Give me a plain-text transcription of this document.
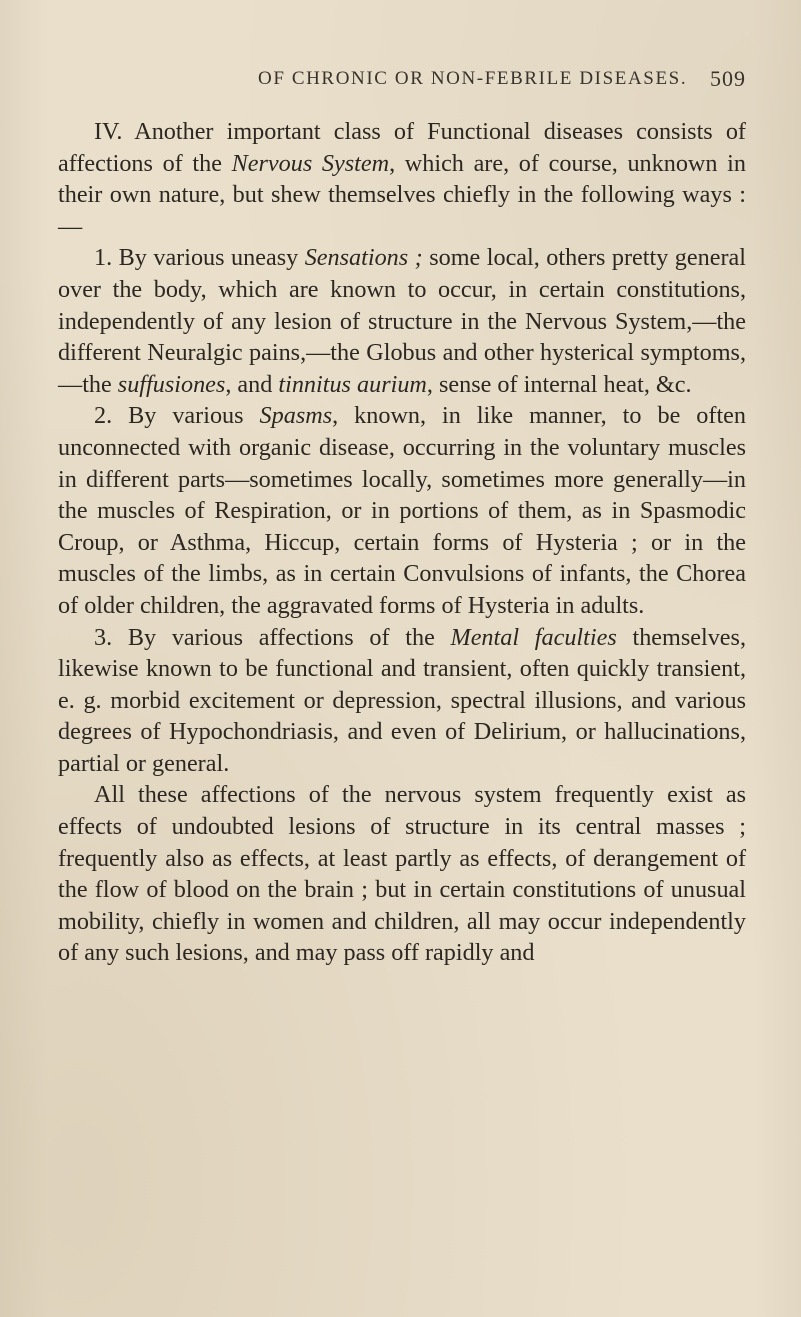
OF CHRONIC OR NON-FEBRILE DISEASES. 509

IV. Another important class of Functional diseases consists of affections of the Nervous System, which are, of course, unknown in their own nature, but shew themselves chiefly in the following ways :—

1. By various uneasy Sensations ; some local, others pretty general over the body, which are known to occur, in certain constitutions, independently of any lesion of structure in the Nervous System,—the different Neuralgic pains,—the Globus and other hysterical symptoms, —the suffusiones, and tinnitus aurium, sense of internal heat, &c.

2. By various Spasms, known, in like manner, to be often unconnected with organic disease, occurring in the voluntary muscles in different parts—sometimes locally, sometimes more generally—in the muscles of Respiration, or in portions of them, as in Spasmodic Croup, or Asthma, Hiccup, certain forms of Hysteria ; or in the muscles of the limbs, as in certain Convulsions of infants, the Chorea of older children, the aggravated forms of Hysteria in adults.

3. By various affections of the Mental faculties themselves, likewise known to be functional and transient, often quickly transient, e. g. morbid excitement or depression, spectral illusions, and various degrees of Hypochondriasis, and even of Delirium, or hallucinations, partial or general.

All these affections of the nervous system frequently exist as effects of undoubted lesions of structure in its central masses ; frequently also as effects, at least partly as effects, of derangement of the flow of blood on the brain ; but in certain constitutions of unusual mobility, chiefly in women and children, all may occur independently of any such lesions, and may pass off rapidly and
